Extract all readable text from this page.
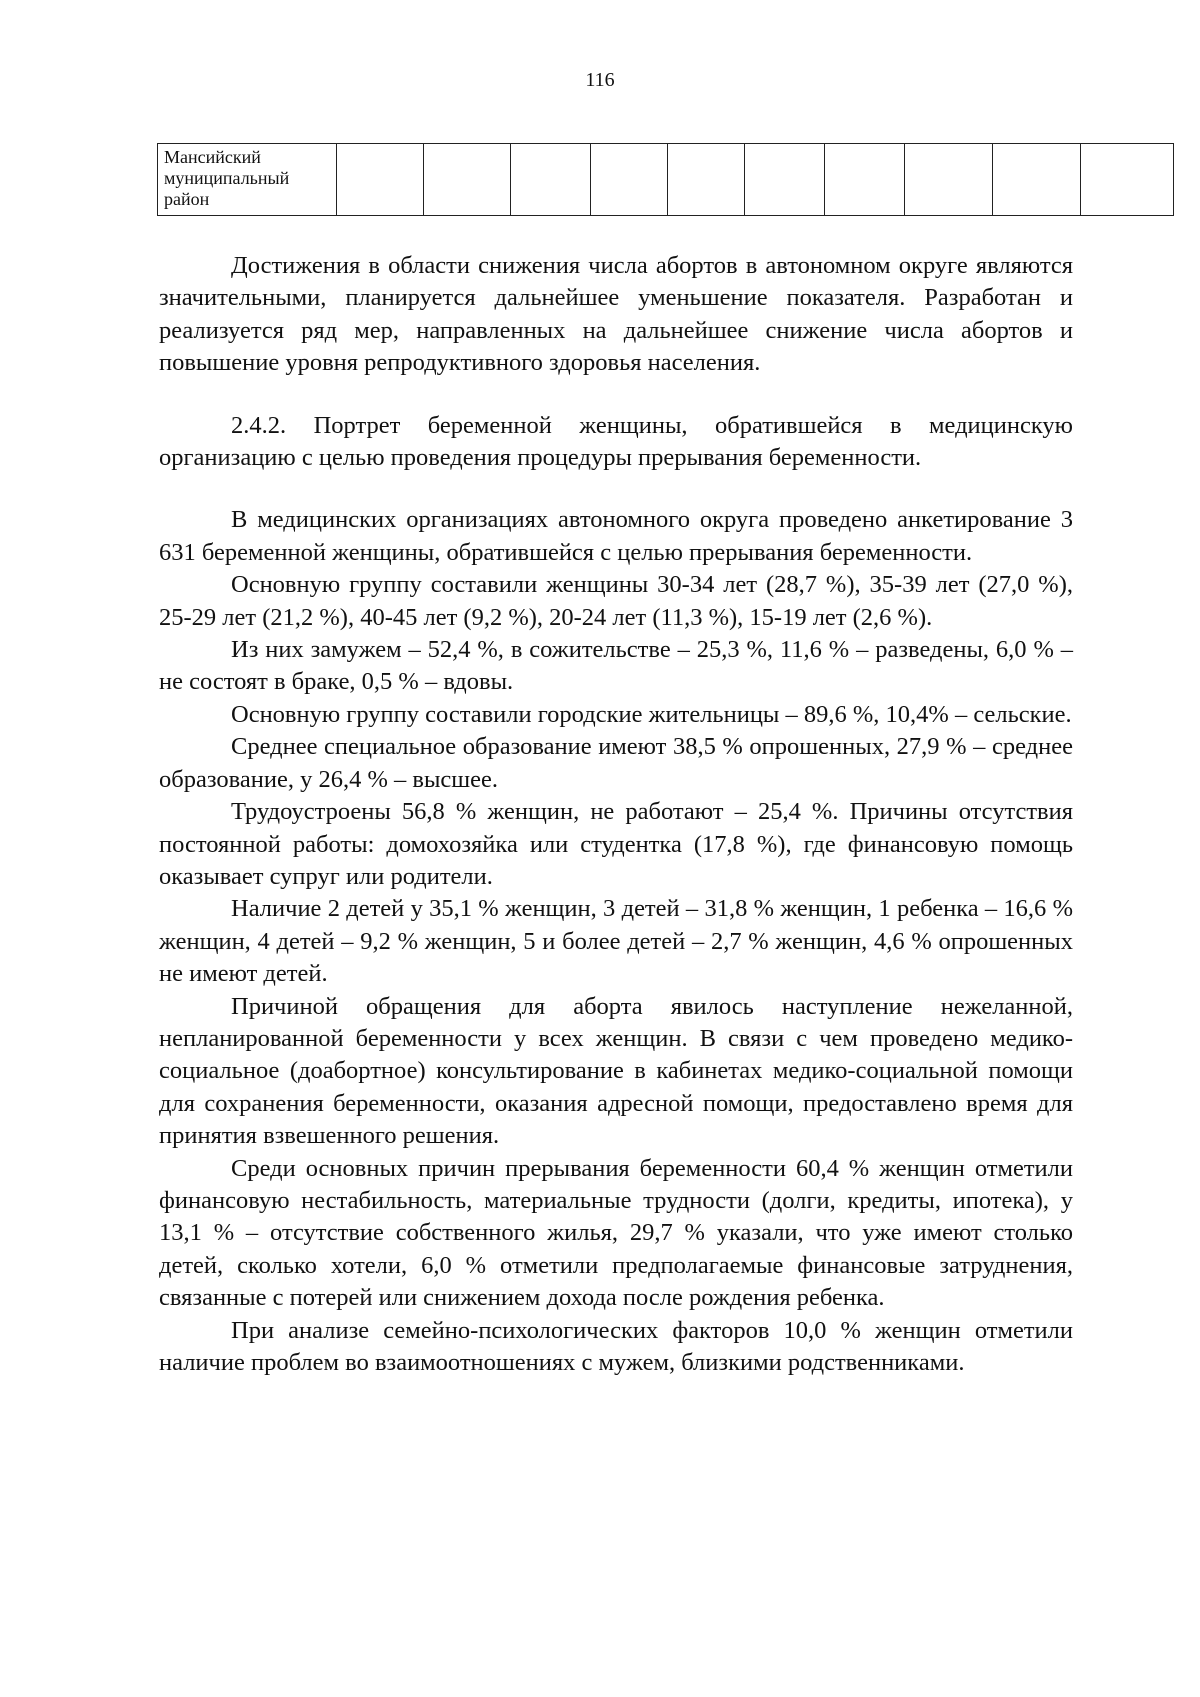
116
Мансийский муниципальный район										

Достижения в области снижения числа абортов в автономном округе являются значительными, планируется дальнейшее уменьшение показателя. Разработан и реализуется ряд мер, направленных на дальнейшее снижение числа абортов и повышение уровня репродуктивного здоровья населения.

2.4.2. Портрет беременной женщины, обратившейся в медицинскую организацию с целью проведения процедуры прерывания беременности.

В медицинских организациях автономного округа проведено анкетирование 3 631 беременной женщины, обратившейся с целью прерывания беременности.

Основную группу составили женщины 30-34 лет (28,7 %), 35-39 лет (27,0 %), 25-29 лет (21,2 %), 40-45 лет (9,2 %), 20-24 лет (11,3 %), 15-19 лет (2,6 %).

Из них замужем – 52,4 %, в сожительстве – 25,3 %, 11,6 % – разведены, 6,0 % – не состоят в браке, 0,5 % – вдовы.

Основную группу составили городские жительницы – 89,6 %, 10,4% – сельские.

Среднее специальное образование имеют 38,5 % опрошенных, 27,9 % – среднее образование, у 26,4 % – высшее.

Трудоустроены 56,8 % женщин, не работают – 25,4 %. Причины отсутствия постоянной работы: домохозяйка или студентка (17,8 %), где финансовую помощь оказывает супруг или родители.

Наличие 2 детей у 35,1 % женщин, 3 детей – 31,8 % женщин, 1 ребенка – 16,6 % женщин, 4 детей – 9,2 % женщин, 5 и более детей – 2,7 % женщин, 4,6 % опрошенных не имеют детей.

Причиной обращения для аборта явилось наступление нежеланной, непланированной беременности у всех женщин. В связи с чем проведено медико-социальное (доабортное) консультирование в кабинетах медико-социальной помощи для сохранения беременности, оказания адресной помощи, предоставлено время для принятия взвешенного решения.

Среди основных причин прерывания беременности 60,4 % женщин отметили финансовую нестабильность, материальные трудности (долги, кредиты, ипотека), у 13,1 % – отсутствие собственного жилья, 29,7 % указали, что уже имеют столько детей, сколько хотели, 6,0 % отметили предполагаемые финансовые затруднения, связанные с потерей или снижением дохода после рождения ребенка.

При анализе семейно-психологических факторов 10,0 % женщин отметили наличие проблем во взаимоотношениях с мужем, близкими родственниками.
